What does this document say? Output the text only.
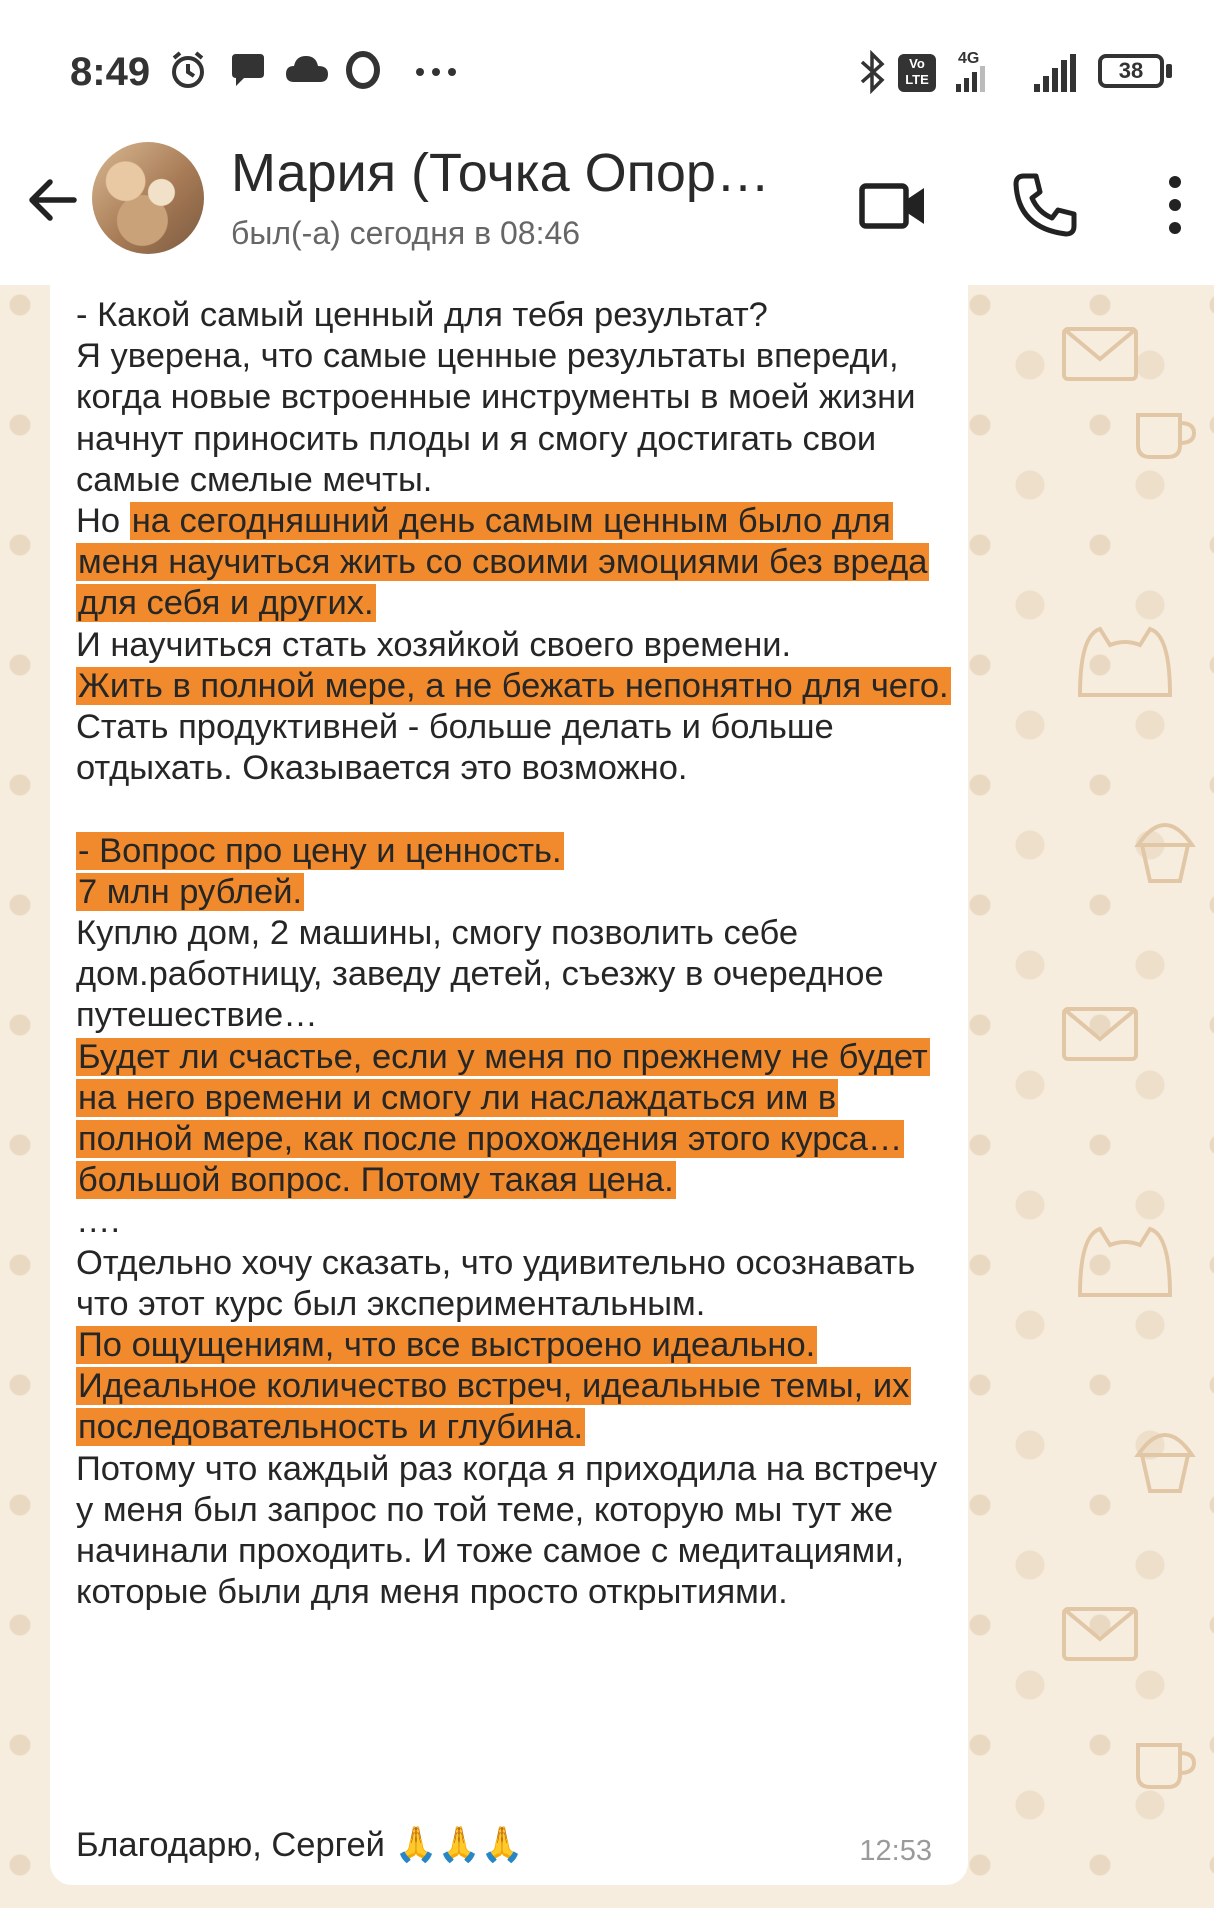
8:49	Vo LTE
4G	38
Мария (Точка Опор…
был(-а) сегодня в 08:46

- Какой самый ценный для тебя результат?
Я уверена, что самые ценные результаты впереди, когда новые встроенные инструменты в моей жизни начнут приносить плоды и я смогу достигать свои самые смелые мечты.
Но на сегодняшний день самым ценным было для меня научиться жить со своими эмоциями без вреда для себя и других.
И научиться стать хозяйкой своего времени.
Жить в полной мере, а не бежать непонятно для чего. Стать продуктивней - больше делать и больше отдыхать. Оказывается это возможно.

- Вопрос про цену и ценность.
7 млн рублей.
Куплю дом, 2 машины, смогу позволить себе дом.работницу, заведу детей, съезжу в очередное путешествие…
Будет ли счастье, если у меня по прежнему не будет на него времени и смогу ли наслаждаться им в полной мере, как после прохождения этого курса…большой вопрос. Потому такая цена.
….
Отдельно хочу сказать, что удивительно осознавать что этот курс был экспериментальным.
По ощущениям, что все выстроено идеально. Идеальное количество встреч, идеальные темы, их последовательность и глубина.
Потому что каждый раз когда я приходила на встречу у меня был запрос по той теме, которую мы тут же начинали проходить. И тоже самое с медитациями, которые были для меня просто открытиями.

Благодарю, Сергей 🙏🙏🙏	12:53
